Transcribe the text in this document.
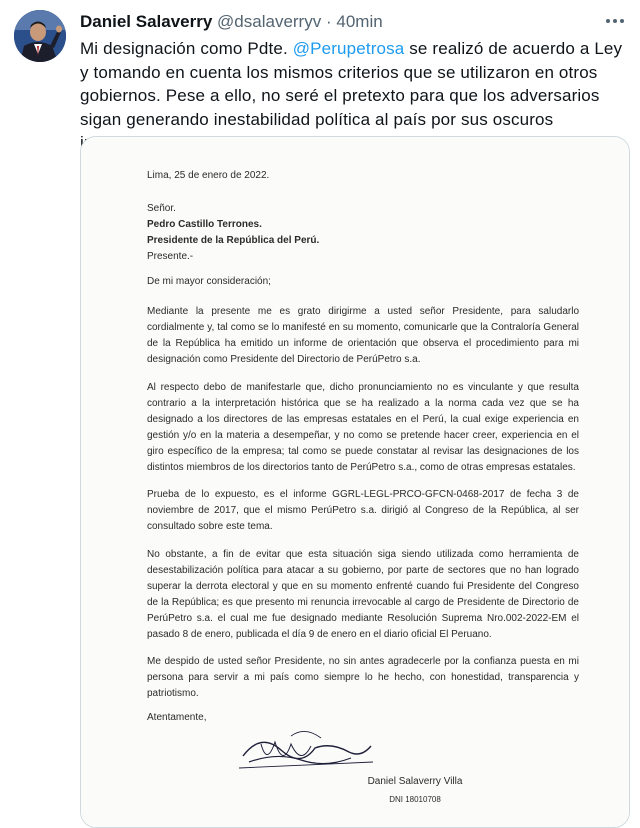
Daniel Salaverry @dsalaverryv · 40min
Mi designación como Pdte. @Perupetrosa se realizó de acuerdo a Ley y tomando en cuenta los mismos criterios que se utilizaron en otros gobiernos. Pese a ello, no seré el pretexto para que los adversarios sigan generando inestabilidad política al país por sus oscuros
Lima, 25 de enero de 2022.
Señor.
Pedro Castillo Terrones.
Presidente de la República del Perú.
Presente.-
De mi mayor consideración;
Mediante la presente me es grato dirigirme a usted señor Presidente, para saludarlo cordialmente y, tal como se lo manifesté en su momento, comunicarle que la Contraloría General de la República ha emitido un informe de orientación que observa el procedimiento para mi designación como Presidente del Directorio de PerúPetro s.a.
Al respecto debo de manifestarle que, dicho pronunciamiento no es vinculante y que resulta contrario a la interpretación histórica que se ha realizado a la norma cada vez que se ha designado a los directores de las empresas estatales en el Perú, la cual exige experiencia en gestión y/o en la materia a desempeñar, y no como se pretende hacer creer, experiencia en el giro específico de la empresa; tal como se puede constatar al revisar las designaciones de los distintos miembros de los directorios tanto de PerúPetro s.a., como de otras empresas estatales.
Prueba de lo expuesto, es el informe GGRL-LEGL-PRCO-GFCN-0468-2017 de fecha 3 de noviembre de 2017, que el mismo PerúPetro s.a. dirigió al Congreso de la República, al ser consultado sobre este tema.
No obstante, a fin de evitar que esta situación siga siendo utilizada como herramienta de desestabilización política para atacar a su gobierno, por parte de sectores que no han logrado superar la derrota electoral y que en su momento enfrenté cuando fui Presidente del Congreso de la República; es que presento mi renuncia irrevocable al cargo de Presidente de Directorio de PerúPetro s.a. el cual me fue designado mediante Resolución Suprema Nro.002-2022-EM el pasado 8 de enero, publicada el día 9 de enero en el diario oficial El Peruano.
Me despido de usted señor Presidente, no sin antes agradecerle por la confianza puesta en mi persona para servir a mi país como siempre lo he hecho, con honestidad, transparencia y patriotismo.
Atentamente,
Daniel Salaverry Villa
DNI 18010708
